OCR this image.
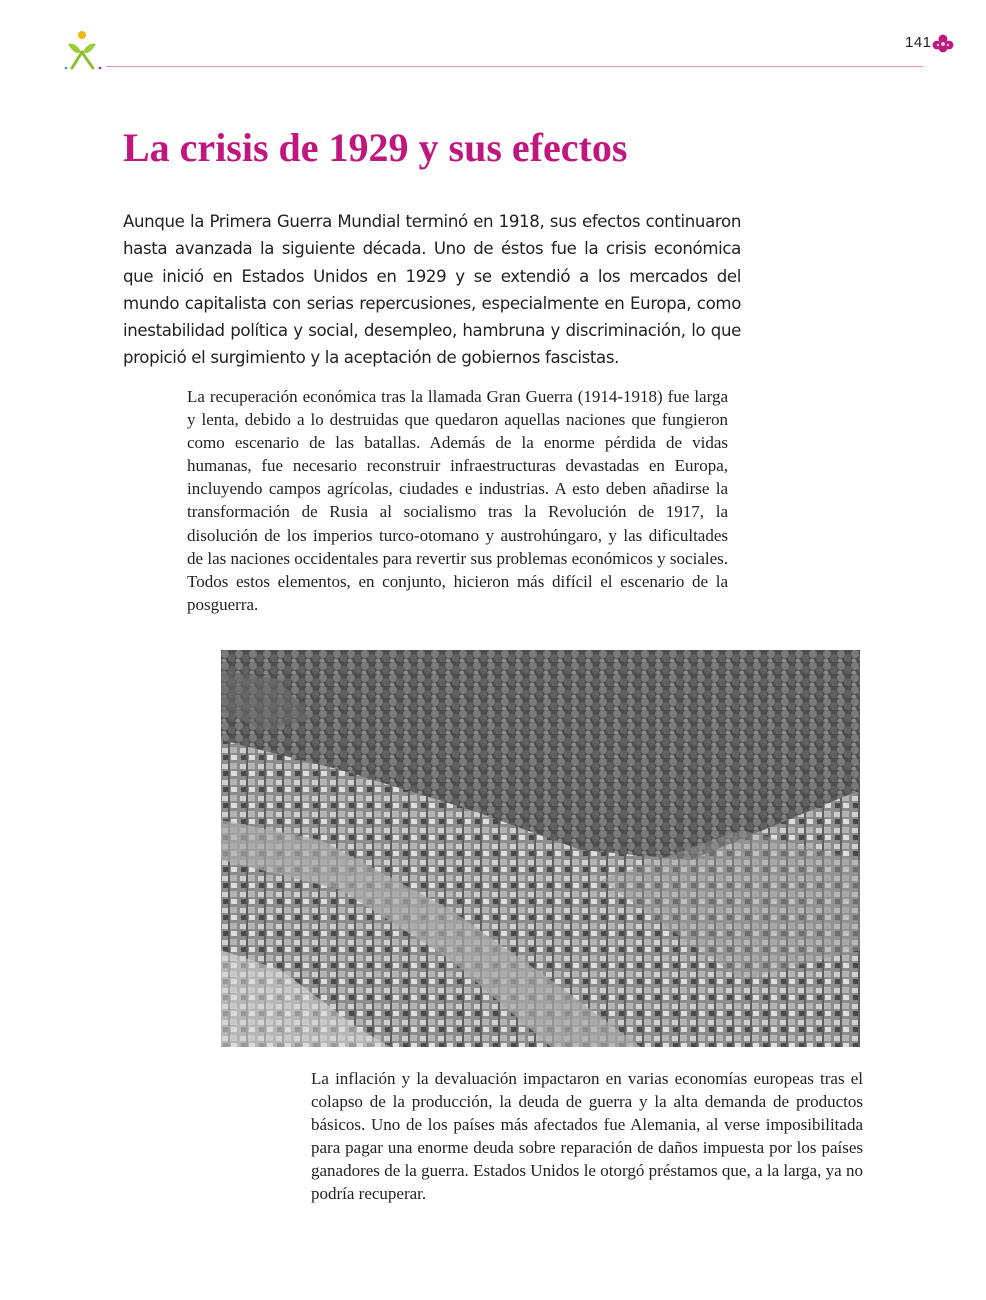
141
La crisis de 1929 y sus efectos

Aunque la Primera Guerra Mundial terminó en 1918, sus efectos continuaron hasta avanzada la siguiente década. Uno de éstos fue la crisis económica que inició en Estados Unidos en 1929 y se extendió a los mercados del mundo capitalista con serias repercusiones, especialmente en Europa, como inestabilidad política y social, desempleo, hambruna y discriminación, lo que propició el surgimiento y la aceptación de gobiernos fascistas.

La recuperación económica tras la llamada Gran Guerra (1914-1918) fue larga y lenta, debido a lo destruidas que quedaron aquellas naciones que fungieron como escenario de las batallas. Además de la enorme pérdida de vidas humanas, fue necesario reconstruir infraestructuras devastadas en Europa, incluyendo campos agrícolas, ciudades e industrias. A esto deben añadirse la transformación de Rusia al socialismo tras la Revolución de 1917, la disolución de los imperios turco-otomano y austrohúngaro, y las dificultades de las naciones occidentales para revertir sus problemas económicos y sociales. Todos estos elementos, en conjunto, hicieron más difícil el escenario de la posguerra.

La inflación y la devaluación impactaron en varias economías europeas tras el colapso de la producción, la deuda de guerra y la alta demanda de productos básicos. Uno de los países más afectados fue Alemania, al verse imposibilitada para pagar una enorme deuda sobre reparación de daños impuesta por los países ganadores de la guerra. Estados Unidos le otorgó préstamos que, a la larga, ya no podría recuperar.
